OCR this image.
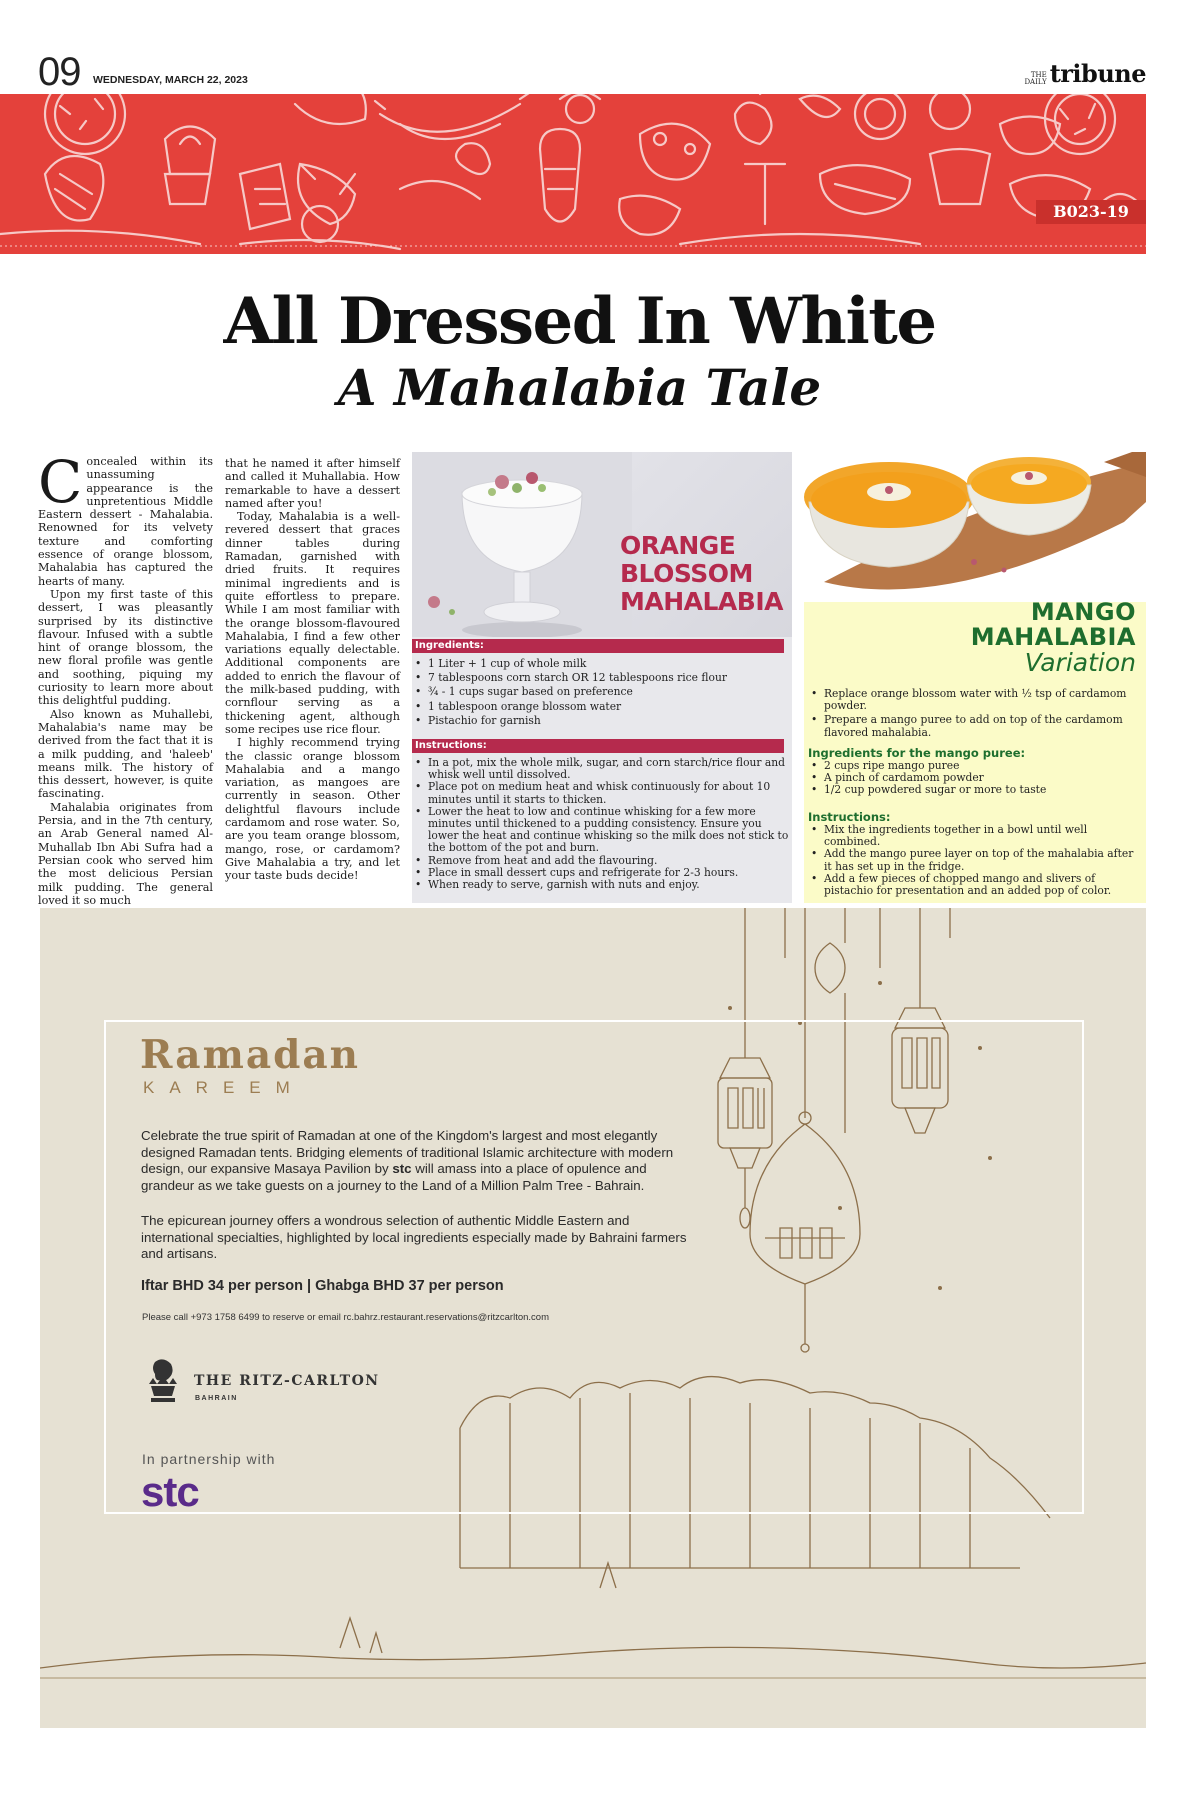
09 WEDNESDAY, MARCH 22, 2023	THE
DAILY tribune
B023-19
All Dressed In White
A Mahalabia Tale

Concealed within its unassuming appearance is the unpretentious Middle Eastern dessert - Mahalabia. Renowned for its velvety texture and comforting essence of orange blossom, Mahalabia has captured the hearts of many.

Upon my first taste of this dessert, I was pleasantly surprised by its distinctive flavour. Infused with a subtle hint of orange blossom, the new floral profile was gentle and soothing, piquing my curiosity to learn more about this delightful pudding.

Also known as Muhallebi, Mahalabia's name may be derived from the fact that it is a milk pudding, and 'haleeb' means milk. The history of this dessert, however, is quite fascinating.

Mahalabia originates from Persia, and in the 7th century, an Arab General named Al-Muhallab Ibn Abi Sufra had a Persian cook who served him the most delicious Persian milk pudding. The general loved it so much

that he named it after himself and called it Muhallabia. How remarkable to have a dessert named after you!

Today, Mahalabia is a well-revered dessert that graces dinner tables during Ramadan, garnished with dried fruits. It requires minimal ingredients and is quite effortless to prepare. While I am most familiar with the orange blossom-flavoured Mahalabia, I find a few other variations equally delectable. Additional components are added to enrich the flavour of the milk-based pudding, with cornflour serving as a thickening agent, although some recipes use rice flour.

I highly recommend trying the classic orange blossom Mahalabia and a mango variation, as mangoes are currently in season. Other delightful flavours include cardamom and rose water. So, are you team orange blossom, mango, rose, or cardamom? Give Mahalabia a try, and let your taste buds decide!

ORANGE
BLOSSOM
MAHALABIA
Ingredients:
• 1 Liter + 1 cup of whole milk
• 7 tablespoons corn starch OR 12 tablespoons rice flour
• ¾ - 1 cups sugar based on preference
• 1 tablespoon orange blossom water
• Pistachio for garnish
Instructions:
• In a pot, mix the whole milk, sugar, and corn starch/rice flour and whisk well until dissolved.
• Place pot on medium heat and whisk continuously for about 10 minutes until it starts to thicken.
• Lower the heat to low and continue whisking for a few more minutes until thickened to a pudding consistency. Ensure you lower the heat and continue whisking so the milk does not stick to the bottom of the pot and burn.
• Remove from heat and add the flavouring.
• Place in small dessert cups and refrigerate for 2-3 hours.
• When ready to serve, garnish with nuts and enjoy.
MANGO
MAHALABIA
Variation
• Replace orange blossom water with ½ tsp of cardamom powder.
• Prepare a mango puree to add on top of the cardamom flavored mahalabia.
Ingredients for the mango puree:
• 2 cups ripe mango puree
• A pinch of cardamom powder
• 1/2 cup powdered sugar or more to taste
Instructions:
• Mix the ingredients together in a bowl until well combined.
• Add the mango puree layer on top of the mahalabia after it has set up in the fridge.
• Add a few pieces of chopped mango and slivers of pistachio for presentation and an added pop of color.
Ramadan
KAREEM
Celebrate the true spirit of Ramadan at one of the Kingdom's largest and most elegantly designed Ramadan tents. Bridging elements of traditional Islamic architecture with modern design, our expansive Masaya Pavilion by stc will amass into a place of opulence and grandeur as we take guests on a journey to the Land of a Million Palm Tree - Bahrain.
The epicurean journey offers a wondrous selection of authentic Middle Eastern and international specialties, highlighted by local ingredients especially made by Bahraini farmers and artisans.
Iftar BHD 34 per person | Ghabga BHD 37 per person
Please call +973 1758 6499 to reserve or email rc.bahrz.restaurant.reservations@ritzcarlton.com
THE RITZ-CARLTON
BAHRAIN
In partnership with
stc
